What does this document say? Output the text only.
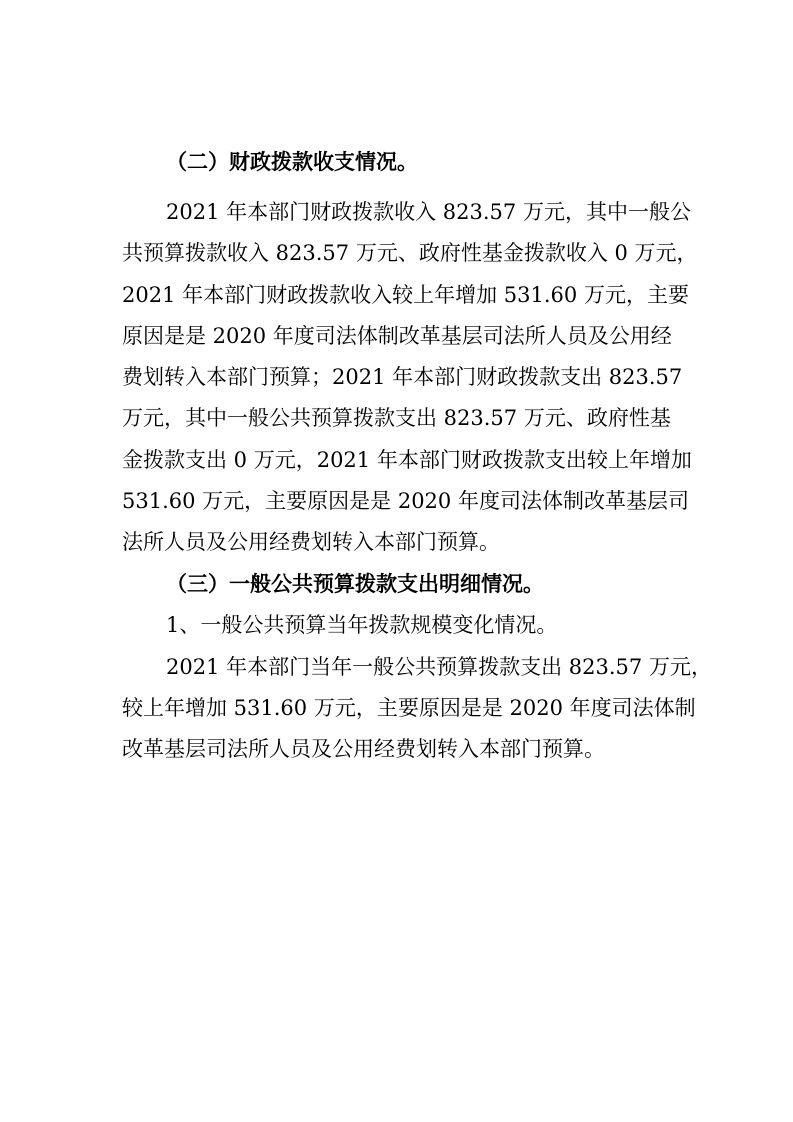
（二）财政拨款收支情况。
2021 年本部门财政拨款收入 823.57 万元，其中一般公
共预算拨款收入 823.57 万元、政府性基金拨款收入 0 万元，
2021 年本部门财政拨款收入较上年增加 531.60 万元，主要
原因是是 2020 年度司法体制改革基层司法所人员及公用经
费划转入本部门预算；2021 年本部门财政拨款支出 823.57
万元，其中一般公共预算拨款支出 823.57 万元、政府性基
金拨款支出 0 万元，2021 年本部门财政拨款支出较上年增加
531.60 万元，主要原因是是 2020 年度司法体制改革基层司
法所人员及公用经费划转入本部门预算。
（三）一般公共预算拨款支出明细情况。
1、一般公共预算当年拨款规模变化情况。
2021 年本部门当年一般公共预算拨款支出 823.57 万元，
较上年增加 531.60 万元，主要原因是是 2020 年度司法体制
改革基层司法所人员及公用经费划转入本部门预算。
